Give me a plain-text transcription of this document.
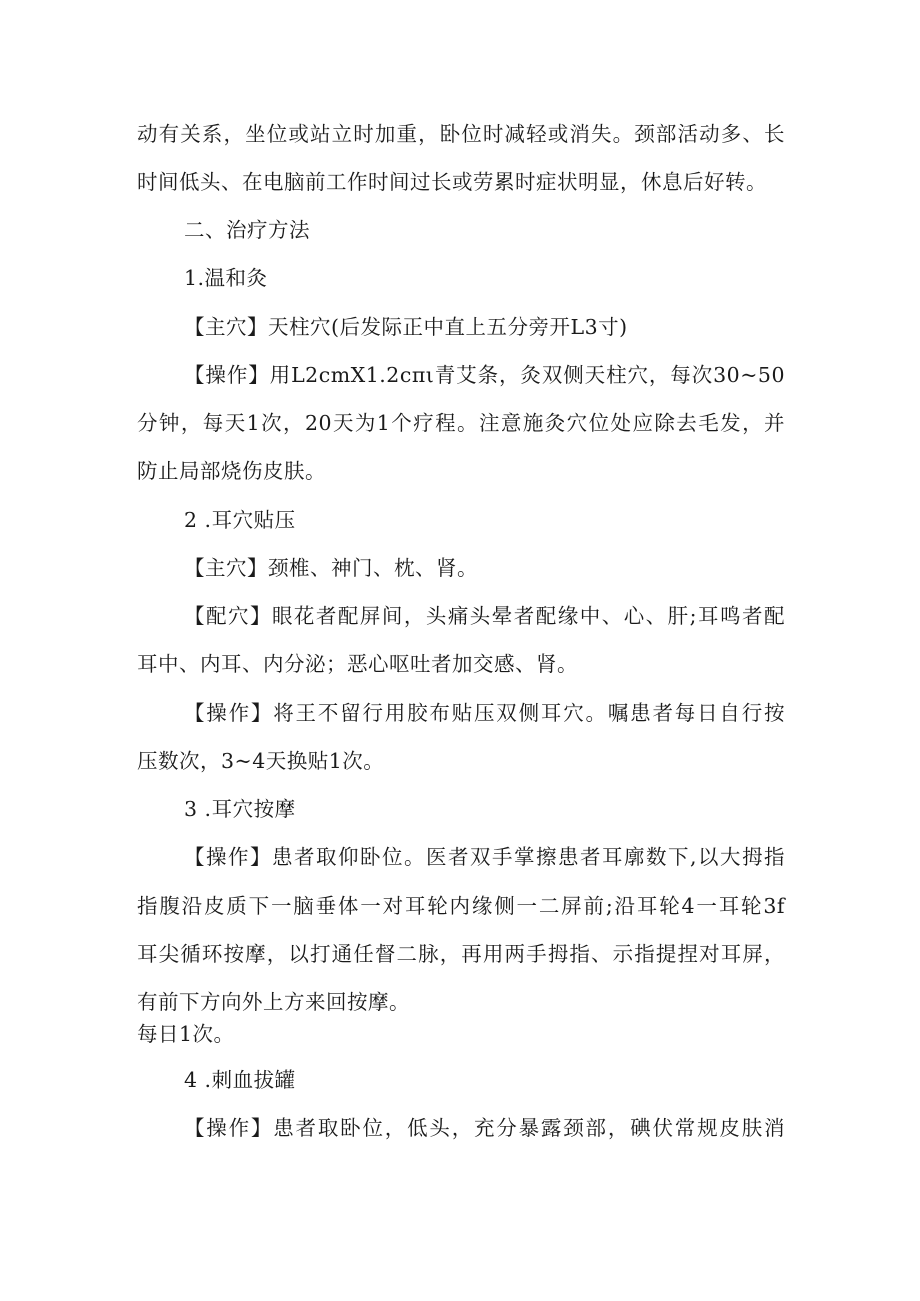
动有关系，坐位或站立时加重，卧位时减轻或消失。颈部活动多、长
时间低头、在电脑前工作时间过长或劳累时症状明显，休息后好转。
二、治疗方法
1.温和灸
【主穴】天柱穴(后发际正中直上五分旁开L3寸)
【操作】用L2cmX1.2cπι青艾条，灸双侧天柱穴，每次30~50
分钟，每天1次，20天为1个疗程。注意施灸穴位处应除去毛发，并
防止局部烧伤皮肤。
2 .耳穴贴压
【主穴】颈椎、神门、枕、肾。
【配穴】眼花者配屏间，头痛头晕者配缘中、心、肝;耳鸣者配
耳中、内耳、内分泌；恶心呕吐者加交感、肾。
【操作】将王不留行用胶布贴压双侧耳穴。嘱患者每日自行按
压数次，3~4天换贴1次。
3 .耳穴按摩
【操作】患者取仰卧位。医者双手掌擦患者耳廓数下,以大拇指
指腹沿皮质下一脑垂体一对耳轮内缘侧一二屏前;沿耳轮4一耳轮3f
耳尖循环按摩，以打通任督二脉，再用两手拇指、示指提捏对耳屏，
有前下方向外上方来回按摩。
每日1次。
4 .刺血拔罐
【操作】患者取卧位，低头，充分暴露颈部，碘伏常规皮肤消
